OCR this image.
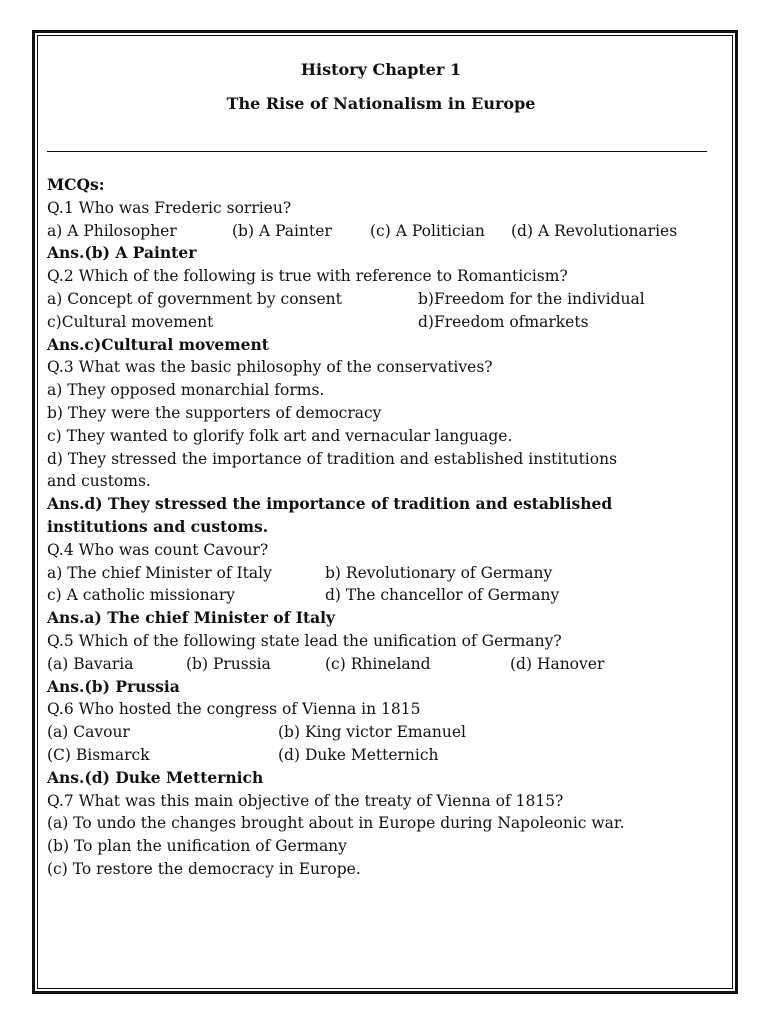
History Chapter 1
The Rise of Nationalism in Europe
MCQs:
Q.1 Who was Frederic sorrieu?
a) A Philosopher	(b) A Painter (c) A Politician (d) A Revolutionaries
Ans.(b) A Painter
Q.2 Which of the following is true with reference to Romanticism?
a) Concept of government by consent	b)Freedom for the individual
c)Cultural movement	d)Freedom ofmarkets
Ans.c)Cultural movement
Q.3 What was the basic philosophy of the conservatives?
a) They opposed monarchial forms.
b) They were the supporters of democracy
c) They wanted to glorify folk art and vernacular language.
d) They stressed the importance of tradition and established institutions
and customs.
Ans.d) They stressed the importance of tradition and established
institutions and customs.
Q.4 Who was count Cavour?
a) The chief Minister of Italy	b) Revolutionary of Germany
c) A catholic missionary	d) The chancellor of Germany
Ans.a) The chief Minister of Italy
Q.5 Which of the following state lead the unification of Germany?
(a) Bavaria	(b) Prussia	(c) Rhineland	(d) Hanover
Ans.(b) Prussia
Q.6 Who hosted the congress of Vienna in 1815
(a) Cavour	(b) King victor Emanuel
(C) Bismarck	(d) Duke Metternich
Ans.(d) Duke Metternich
Q.7 What was this main objective of the treaty of Vienna of 1815?
(a) To undo the changes brought about in Europe during Napoleonic war.
(b) To plan the unification of Germany
(c) To restore the democracy in Europe.
